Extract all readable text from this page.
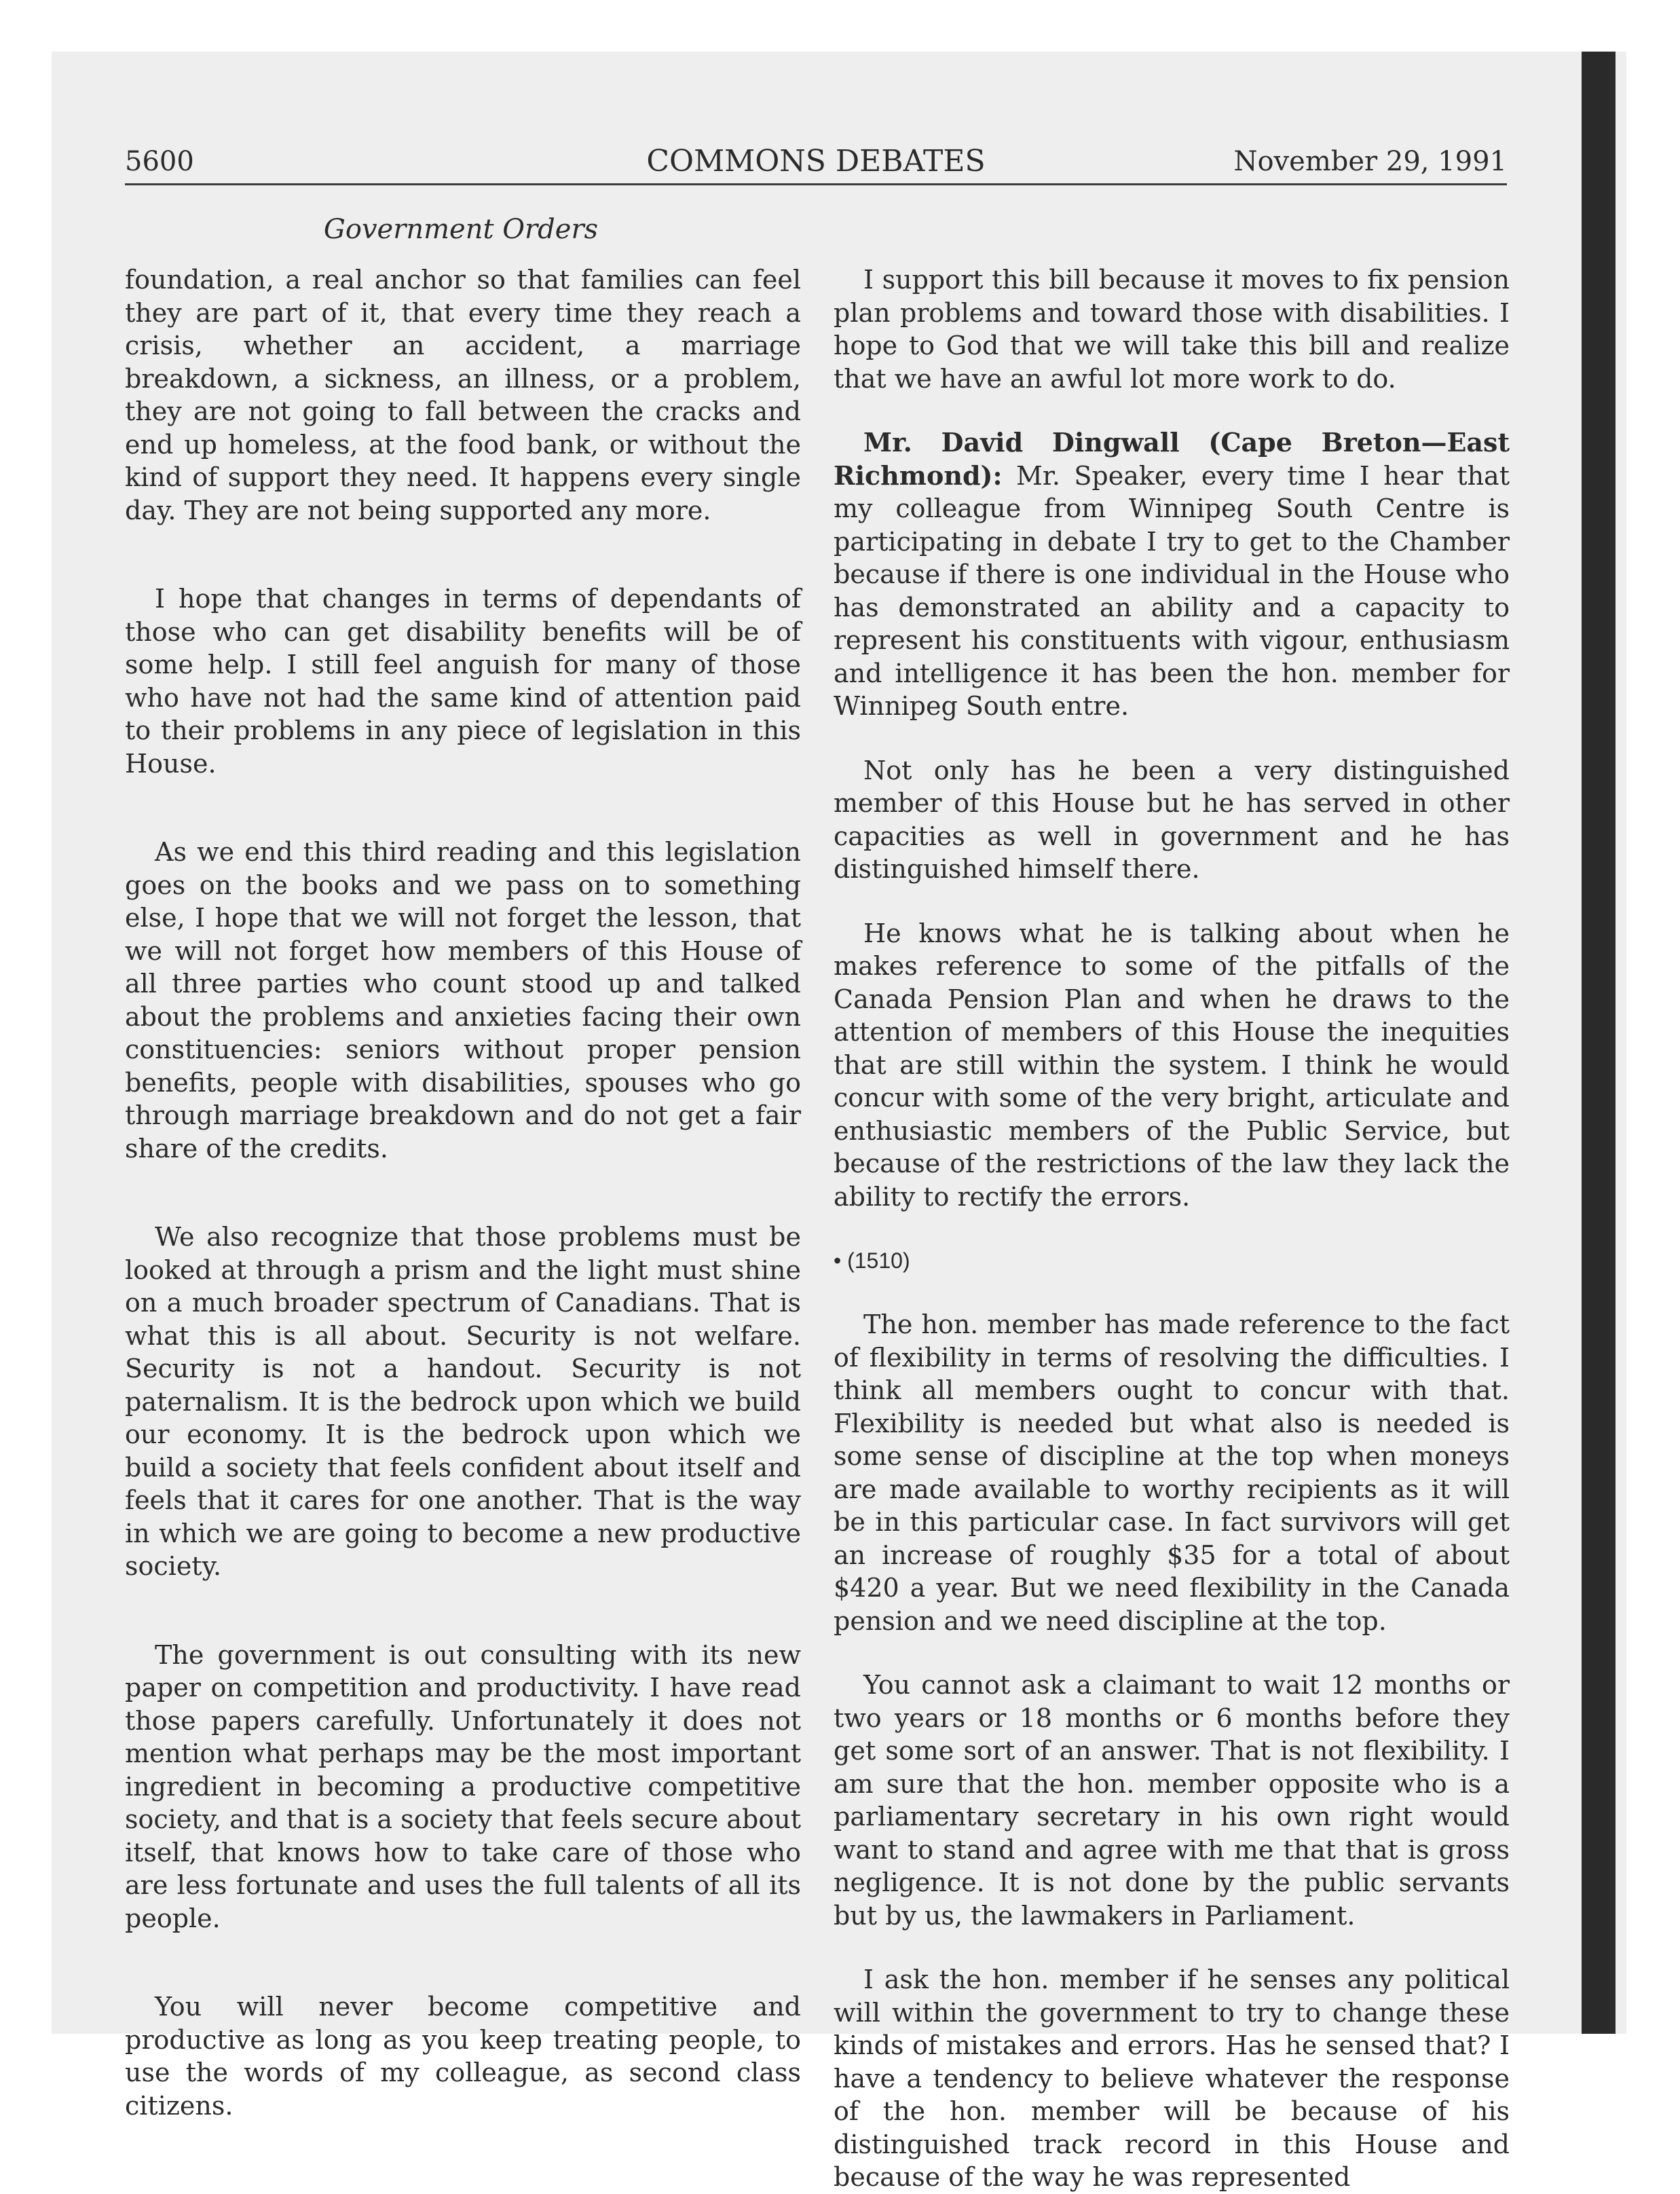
5600	COMMONS DEBATES	November 29, 1991
Government Orders

foundation, a real anchor so that families can feel they are part of it, that every time they reach a crisis, whether an accident, a marriage breakdown, a sickness, an illness, or a problem, they are not going to fall between the cracks and end up homeless, at the food bank, or without the kind of support they need. It happens every single day. They are not being supported any more.

I hope that changes in terms of dependants of those who can get disability benefits will be of some help. I still feel anguish for many of those who have not had the same kind of attention paid to their problems in any piece of legislation in this House.

As we end this third reading and this legislation goes on the books and we pass on to something else, I hope that we will not forget the lesson, that we will not forget how members of this House of all three parties who count stood up and talked about the problems and anxieties facing their own constituencies: seniors without proper pension benefits, people with disabilities, spouses who go through marriage breakdown and do not get a fair share of the credits.

We also recognize that those problems must be looked at through a prism and the light must shine on a much broader spectrum of Canadians. That is what this is all about. Security is not welfare. Security is not a handout. Security is not paternalism. It is the bedrock upon which we build our economy. It is the bedrock upon which we build a society that feels confident about itself and feels that it cares for one another. That is the way in which we are going to become a new productive society.

The government is out consulting with its new paper on competition and productivity. I have read those papers carefully. Unfortunately it does not mention what perhaps may be the most important ingredient in becoming a productive competitive society, and that is a society that feels secure about itself, that knows how to take care of those who are less fortunate and uses the full talents of all its people.

You will never become competitive and productive as long as you keep treating people, to use the words of my colleague, as second class citizens.

I support this bill because it moves to fix pension plan problems and toward those with disabilities. I hope to God that we will take this bill and realize that we have an awful lot more work to do.

Mr. David Dingwall (Cape Breton—East Richmond): Mr. Speaker, every time I hear that my colleague from Winnipeg South Centre is participating in debate I try to get to the Chamber because if there is one individual in the House who has demonstrated an ability and a capacity to represent his constituents with vigour, enthusiasm and intelligence it has been the hon. member for Winnipeg South entre.

Not only has he been a very distinguished member of this House but he has served in other capacities as well in government and he has distinguished himself there.

He knows what he is talking about when he makes reference to some of the pitfalls of the Canada Pension Plan and when he draws to the attention of members of this House the inequities that are still within the system. I think he would concur with some of the very bright, articulate and enthusiastic members of the Public Service, but because of the restrictions of the law they lack the ability to rectify the errors.

• (1510)

The hon. member has made reference to the fact of flexibility in terms of resolving the difficulties. I think all members ought to concur with that. Flexibility is needed but what also is needed is some sense of discipline at the top when moneys are made available to worthy recipients as it will be in this particular case. In fact survivors will get an increase of roughly $35 for a total of about $420 a year. But we need flexibility in the Canada pension and we need discipline at the top.

You cannot ask a claimant to wait 12 months or two years or 18 months or 6 months before they get some sort of an answer. That is not flexibility. I am sure that the hon. member opposite who is a parliamentary secretary in his own right would want to stand and agree with me that that is gross negligence. It is not done by the public servants but by us, the lawmakers in Parliament.

I ask the hon. member if he senses any political will within the government to try to change these kinds of mistakes and errors. Has he sensed that? I have a tendency to believe whatever the response of the hon. member will be because of his distinguished track record in this House and because of the way he was represented
